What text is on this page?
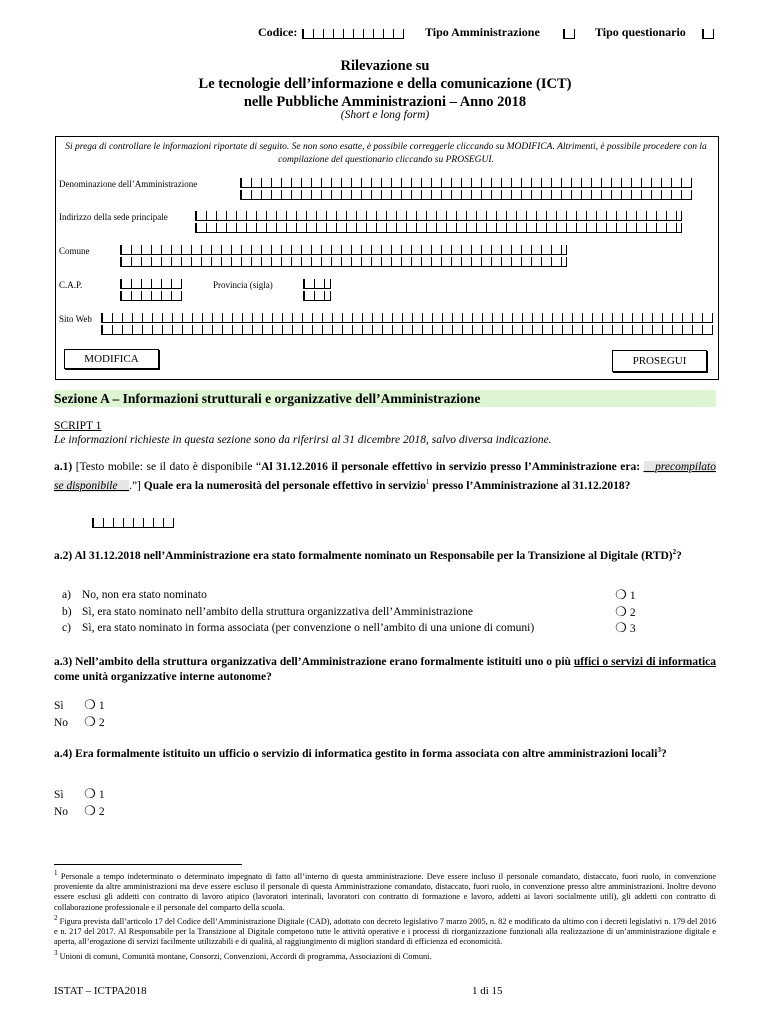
Codice:	Tipo Amministrazione	Tipo questionario
Rilevazione su
Le tecnologie dell’informazione e della comunicazione (ICT)
nelle Pubbliche Amministrazioni – Anno 2018
(Short e long form)
Si prega di controllare le informazioni riportate di seguito. Se non sono esatte, è possibile correggerle cliccando su MODIFICA. Altrimenti, è possibile procedere con la compilazione del questionario cliccando su PROSEGUI.
Denominazione dell’Amministrazione
Indirizzo della sede principale
Comune
C.A.P.	Provincia (sigla)
Sito Web
MODIFICA	PROSEGUI
Sezione A – Informazioni strutturali e organizzative dell’Amministrazione
SCRIPT 1
Le informazioni richieste in questa sezione sono da riferirsi al 31 dicembre 2018, salvo diversa indicazione.
a.1) [Testo mobile: se il dato è disponibile “Al 31.12.2016 il personale effettivo in servizio presso l’Amministrazione era: __precompilato se disponibile__.”] Quale era la numerosità del personale effettivo in servizio$^1$ presso l’Amministrazione al 31.12.2018?
a.2) Al 31.12.2018 nell’Amministrazione era stato formalmente nominato un Responsabile per la Transizione al Digitale (RTD)$^2$?
a) No, non era stato nominato	❍ 1
b) Sì, era stato nominato nell’ambito della struttura organizzativa dell’Amministrazione	❍ 2
c) Sì, era stato nominato in forma associata (per convenzione o nell’ambito di una unione di comuni)	❍ 3
a.3) Nell’ambito della struttura organizzativa dell’Amministrazione erano formalmente istituiti uno o più uffici o servizi di informatica come unità organizzative interne autonome?
Sì ❍ 1
No ❍ 2
a.4) Era formalmente istituito un ufficio o servizio di informatica gestito in forma associata con altre amministrazioni locali$^3$?
Sì ❍ 1
No ❍ 2
$^1$ Personale a tempo indeterminato o determinato impegnato di fatto all’interno di questa amministrazione. Deve essere incluso il personale comandato, distaccato, fuori ruolo, in convenzione proveniente da altre amministrazioni ma deve essere escluso il personale di questa Amministrazione comandato, distaccato, fuori ruolo, in convenzione presso altre amministrazioni. Inoltre devono essere esclusi gli addetti con contratto di lavoro atipico (lavoratori interinali, lavoratori con contratto di formazione e lavoro, addetti ai lavori socialmente utili), gli addetti con contratto di collaborazione professionale e il personale del comparto della scuola.
$^2$ Figura prevista dall’articolo 17 del Codice dell’Amministrazione Digitale (CAD), adottato con decreto legislativo 7 marzo 2005, n. 82 e modificato da ultimo con i decreti legislativi n. 179 del 2016 e n. 217 del 2017. Al Responsabile per la Transizione al Digitale competono tutte le attività operative e i processi di riorganizzazione funzionali alla realizzazione di un’amministrazione digitale e aperta, all’erogazione di servizi facilmente utilizzabili e di qualità, al raggiungimento di migliori standard di efficienza ed economicità.
$^3$ Unioni di comuni, Comunità montane, Consorzi, Convenzioni, Accordi di programma, Associazioni di Comuni.
ISTAT – ICTPA2018	1 di 15
